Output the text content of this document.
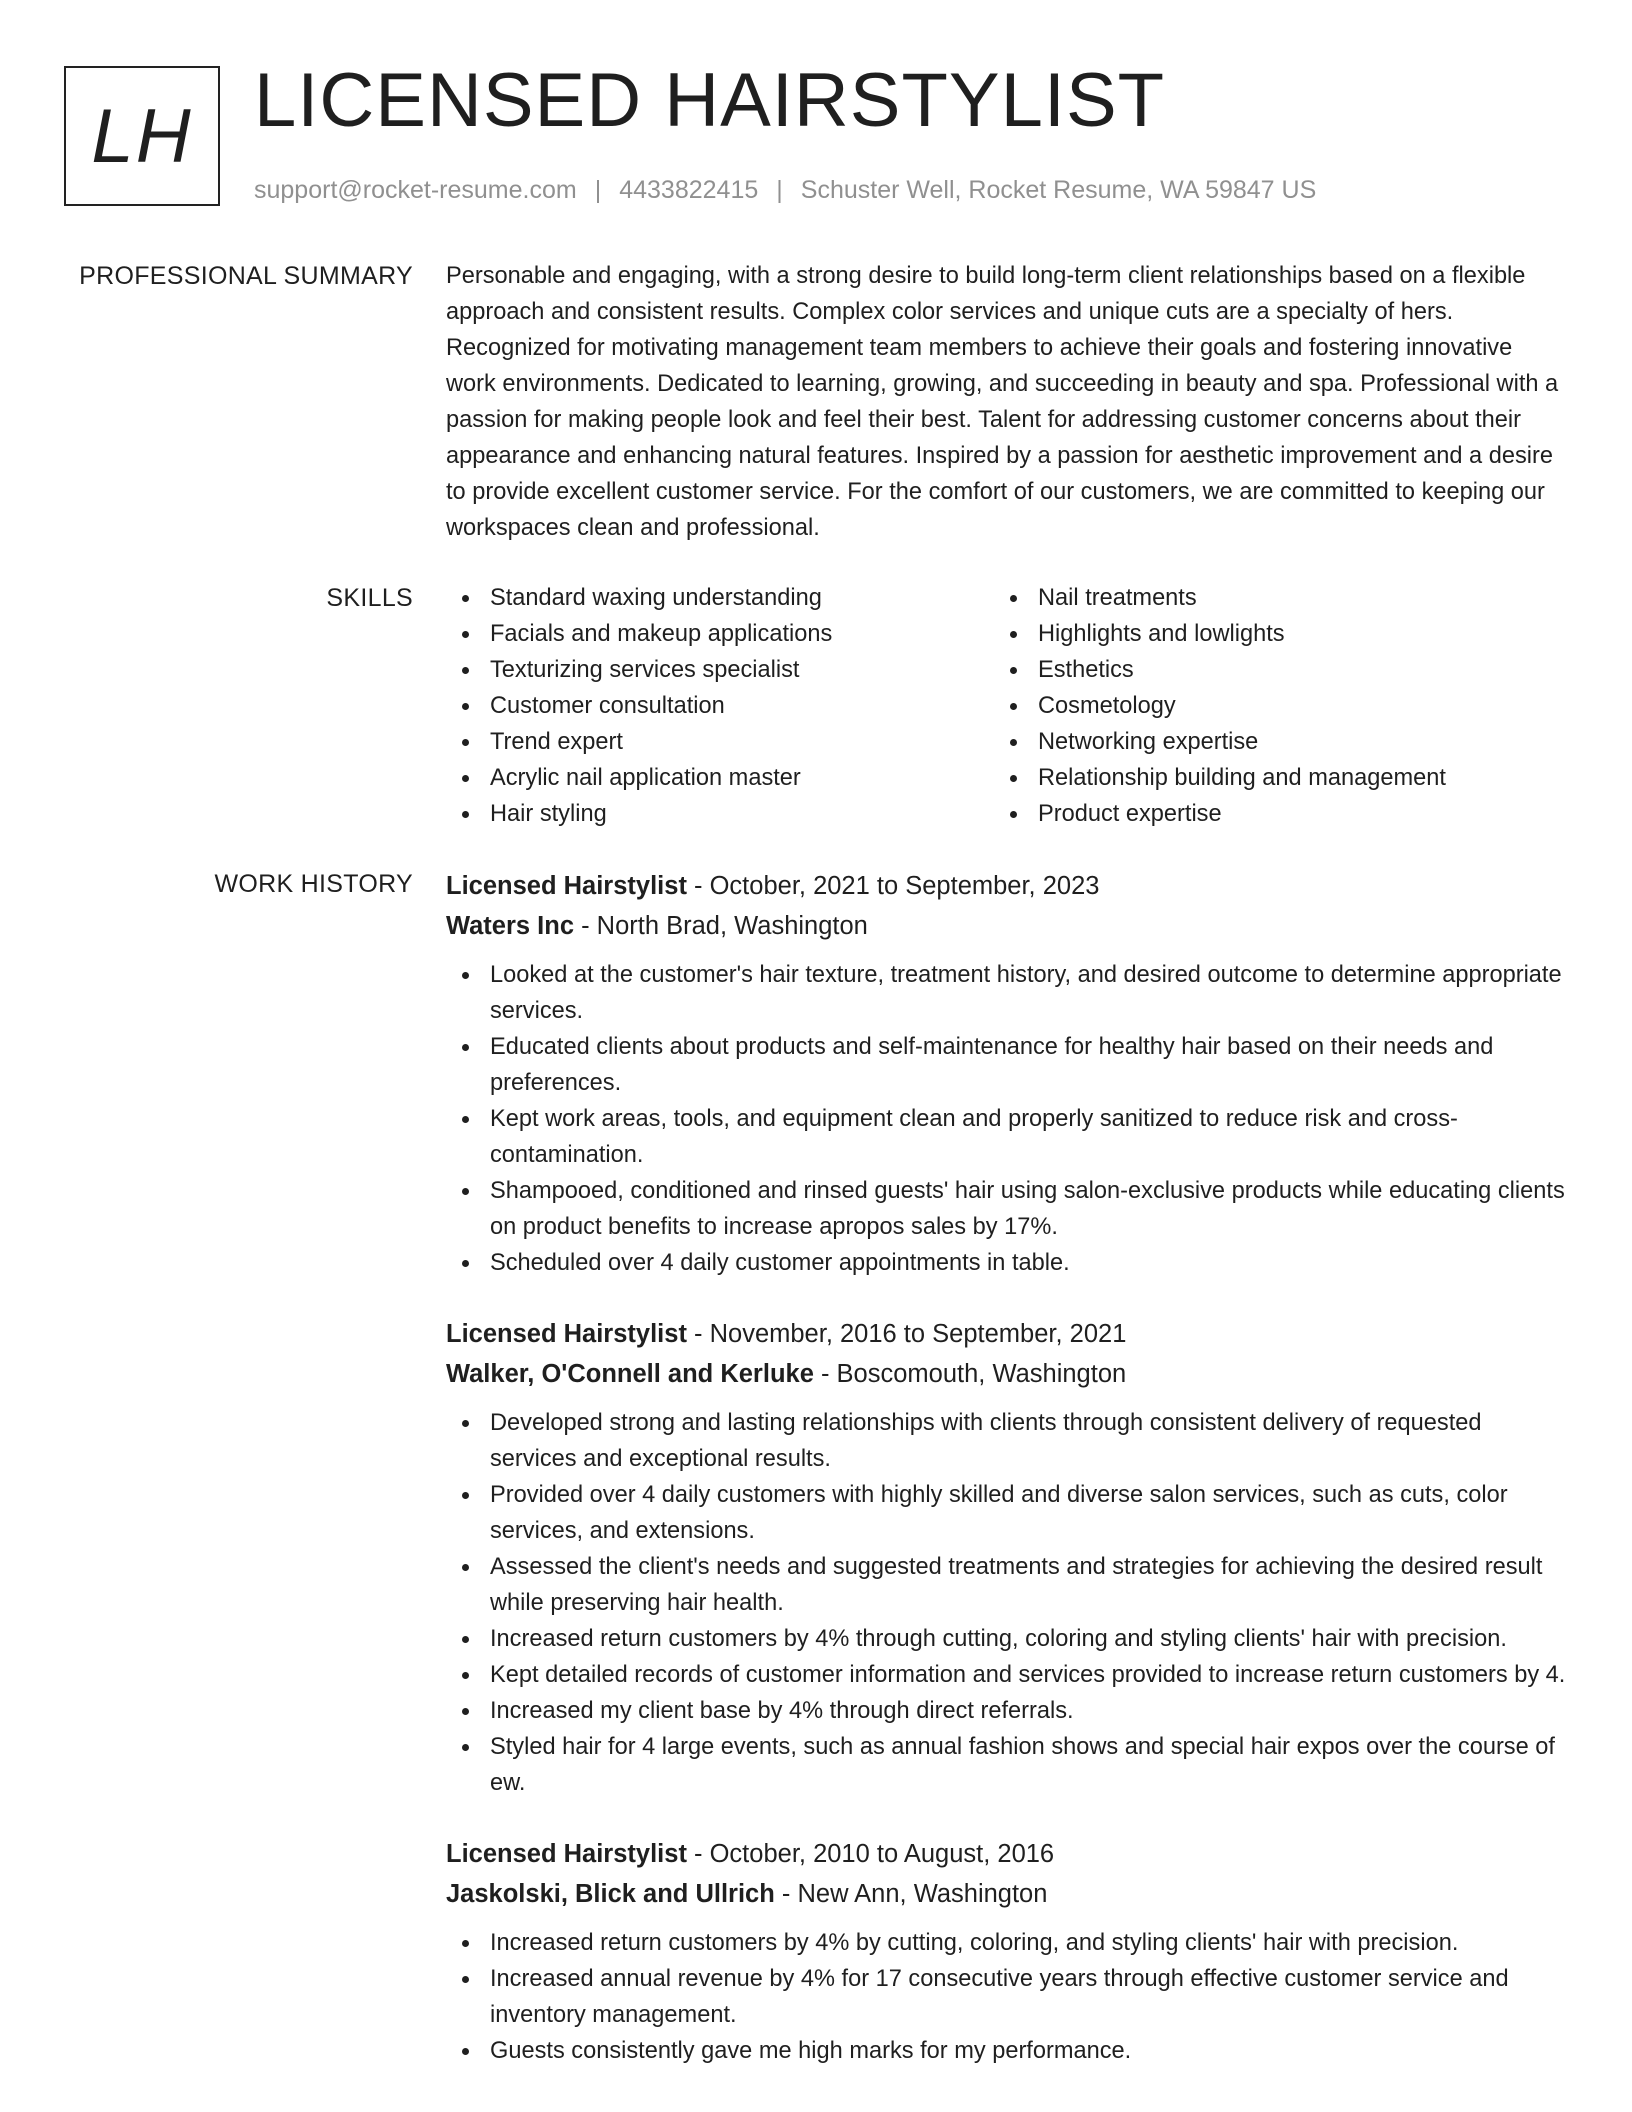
LH LICENSED HAIRSTYLIST
support@rocket-resume.com | 4433822415 | Schuster Well, Rocket Resume, WA 59847 US
PROFESSIONAL SUMMARY Personable and engaging, with a strong desire to build long-term client relationships based on a flexible approach and consistent results. Complex color services and unique cuts are a specialty of hers. Recognized for motivating management team members to achieve their goals and fostering innovative work environments. Dedicated to learning, growing, and succeeding in beauty and spa. Professional with a passion for making people look and feel their best. Talent for addressing customer concerns about their appearance and enhancing natural features. Inspired by a passion for aesthetic improvement and a desire to provide excellent customer service. For the comfort of our customers, we are committed to keeping our workspaces clean and professional.

SKILLS	Standard waxing understanding
Facials and makeup applications
Texturizing services specialist
Customer consultation
Trend expert
Acrylic nail application master
Hair styling
Nail treatments
Highlights and lowlights
Esthetics
Cosmetology
Networking expertise
Relationship building and management
Product expertise
WORK HISTORY Licensed Hairstylist - October, 2021 to September, 2023
Waters Inc - North Brad, Washington
Looked at the customer's hair texture, treatment history, and desired outcome to determine appropriate services.
Educated clients about products and self-maintenance for healthy hair based on their needs and preferences.
Kept work areas, tools, and equipment clean and properly sanitized to reduce risk and cross-contamination.
Shampooed, conditioned and rinsed guests' hair using salon-exclusive products while educating clients on product benefits to increase apropos sales by 17%.
Scheduled over 4 daily customer appointments in table.
Licensed Hairstylist - November, 2016 to September, 2021
Walker, O'Connell and Kerluke - Boscomouth, Washington
Developed strong and lasting relationships with clients through consistent delivery of requested services and exceptional results.
Provided over 4 daily customers with highly skilled and diverse salon services, such as cuts, color services, and extensions.
Assessed the client's needs and suggested treatments and strategies for achieving the desired result while preserving hair health.
Increased return customers by 4% through cutting, coloring and styling clients' hair with precision.
Kept detailed records of customer information and services provided to increase return customers by 4.
Increased my client base by 4% through direct referrals.
Styled hair for 4 large events, such as annual fashion shows and special hair expos over the course of ew.
Licensed Hairstylist - October, 2010 to August, 2016
Jaskolski, Blick and Ullrich - New Ann, Washington
Increased return customers by 4% by cutting, coloring, and styling clients' hair with precision.
Increased annual revenue by 4% for 17 consecutive years through effective customer service and inventory management.
Guests consistently gave me high marks for my performance.
